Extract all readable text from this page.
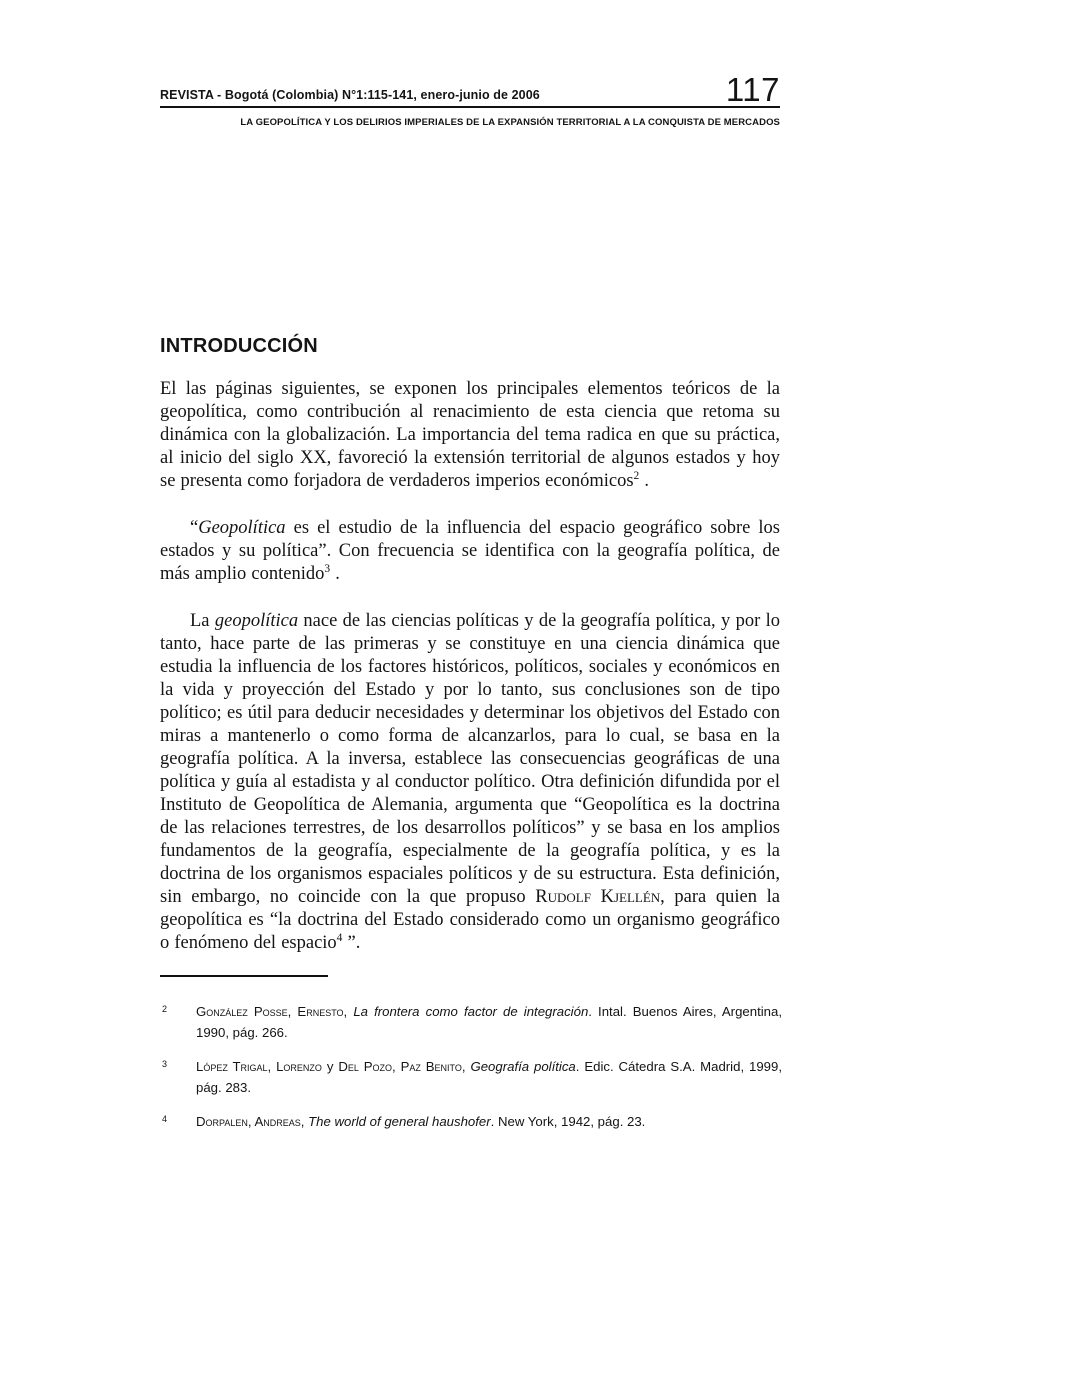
REVISTA - Bogotá (Colombia) N°1:115-141, enero-junio de 2006	117
LA GEOPOLÍTICA Y LOS DELIRIOS IMPERIALES DE LA EXPANSIÓN TERRITORIAL A LA CONQUISTA DE MERCADOS
INTRODUCCIÓN

El las páginas siguientes, se exponen los principales elementos teóricos de la geopolítica, como contribución al renacimiento de esta ciencia que retoma su dinámica con la globalización. La importancia del tema radica en que su práctica, al inicio del siglo XX, favoreció la extensión territorial de algunos estados y hoy se presenta como forjadora de verdaderos imperios económicos$^2$ .

“Geopolítica es el estudio de la influencia del espacio geográfico sobre los estados y su política”. Con frecuencia se identifica con la geografía política, de más amplio contenido$^3$ .

La geopolítica nace de las ciencias políticas y de la geografía política, y por lo tanto, hace parte de las primeras y se constituye en una ciencia dinámica que estudia la influencia de los factores históricos, políticos, sociales y económicos en la vida y proyección del Estado y por lo tanto, sus conclusiones son de tipo político; es útil para deducir necesidades y determinar los objetivos del Estado con miras a mantenerlo o como forma de alcanzarlos, para lo cual, se basa en la geografía política. A la inversa, establece las consecuencias geográficas de una política y guía al estadista y al conductor político. Otra definición difundida por el Instituto de Geopolítica de Alemania, argumenta que “Geopolítica es la doctrina de las relaciones terrestres, de los desarrollos políticos” y se basa en los amplios fundamentos de la geografía, especialmente de la geografía política, y es la doctrina de los organismos espaciales políticos y de su estructura. Esta definición, sin embargo, no coincide con la que propuso Rudolf Kjellén, para quien la geopolítica es “la doctrina del Estado considerado como un organismo geográfico o fenómeno del espacio$^4$ ”.

2	González Posse, Ernesto, La frontera como factor de integración. Intal. Buenos Aires, Argentina, 1990, pág. 266.
3	López Trigal, Lorenzo y Del Pozo, Paz Benito, Geografía política. Edic. Cátedra S.A. Madrid, 1999, pág. 283.
4	Dorpalen, Andreas, The world of general haushofer. New York, 1942, pág. 23.
